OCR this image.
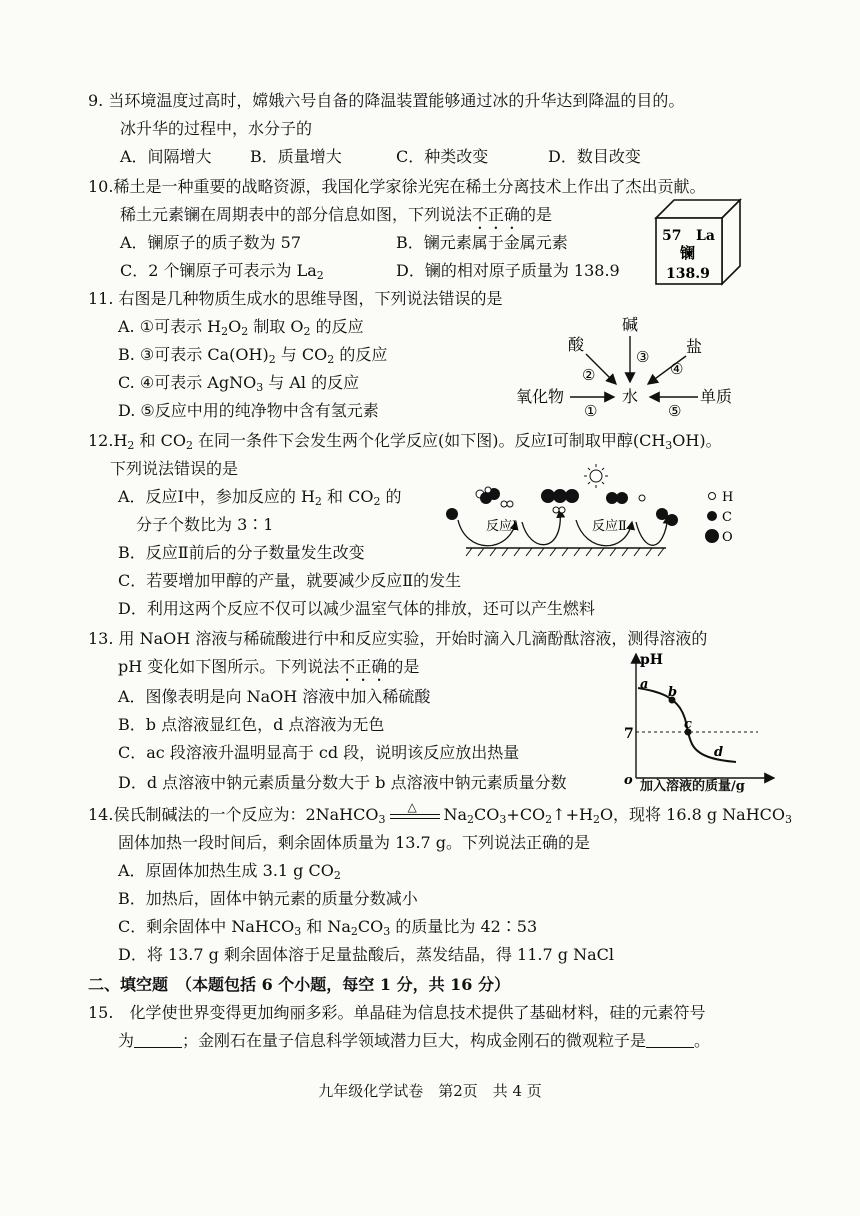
9. 当环境温度过高时，嫦娥六号自备的降温装置能够通过冰的升华达到降温的目的。
冰升华的过程中，水分子的
A．间隔增大 B．质量增大	C．种类改变	D．数目改变
10.稀土是一种重要的战略资源，我国化学家徐光宪在稀土分离技术上作出了杰出贡献。
稀土元素镧在周期表中的部分信息如图，下列说法不正确的是
A．镧原子的质子数为 57	B．镧元素属于金属元素
C．2 个镧原子可表示为 $La_2$	D．镧的相对原子质量为 138.9
57 La
镧
138.9
11. 右图是几种物质生成水的思维导图，下列说法错误的是
A. ①可表示 $H_2O_2$ 制取 $O_2$ 的反应
B. ③可表示 $Ca(OH)_2$ 与 $CO_2$ 的反应
C. ④可表示 AgNO$_3$ 与 Al 的反应
D. ⑤反应中用的纯净物中含有氢元素
酸
碱
盐
氧化物	水	单质
②
③
④
①	⑤
$12.H_2$ 和 $CO_2$ 在同一条件下会发生两个化学反应(如下图)。反应Ⅰ可制取甲醇$(CH_3OH)$。
下列说法错误的是
A．反应Ⅰ中，参加反应的 $H_2$ 和 $CO_2$ 的
分子个数比为 3∶1
B．反应Ⅱ前后的分子数量发生改变
C．若要增加甲醇的产量，就要减少反应Ⅱ的发生
D．利用这两个反应不仅可以减少温室气体的排放，还可以产生燃料
反应Ⅰ	反应Ⅱ
H
C
O
13. 用 NaOH 溶液与稀硫酸进行中和反应实验，开始时滴入几滴酚酞溶液，测得溶液的
pH 变化如下图所示。下列说法不正确的是
A．图像表明是向 NaOH 溶液中加入稀硫酸
B．b 点溶液显红色，d 点溶液为无色
C．ac 段溶液升温明显高于 cd 段，说明该反应放出热量
D．d 点溶液中钠元素质量分数大于 b 点溶液中钠元素质量分数
pH
o
7
a
b
c
d
加入溶液的质量/g
14.侯氏制碱法的一个反应为：2NaHCO$_3$
△ $Na_2CO_3+CO_2↑+H_2O$，现将 16.8 g NaHCO$_3$
固体加热一段时间后，剩余固体质量为 13.7 g。下列说法正确的是
A．原固体加热生成 3.1 g $CO_2$
B．加热后，固体中钠元素的质量分数减小
C．剩余固体中 NaHCO$_3$ 和 $Na_2CO_3$ 的质量比为 42∶53
D．将 13.7 g 剩余固体溶于足量盐酸后，蒸发结晶，得 11.7 g NaCl
二、填空题　 （本题包括 6 个小题，每空 1 分，共 16 分）
15.　 化学使世界变得更加绚丽多彩。单晶硅为信息技术提供了基础材料，硅的元素符号
为	；金刚石在量子信息科学领域潜力巨大，构成金刚石的微观粒子是	。
九年级化学试卷　第2页　共 4 页
